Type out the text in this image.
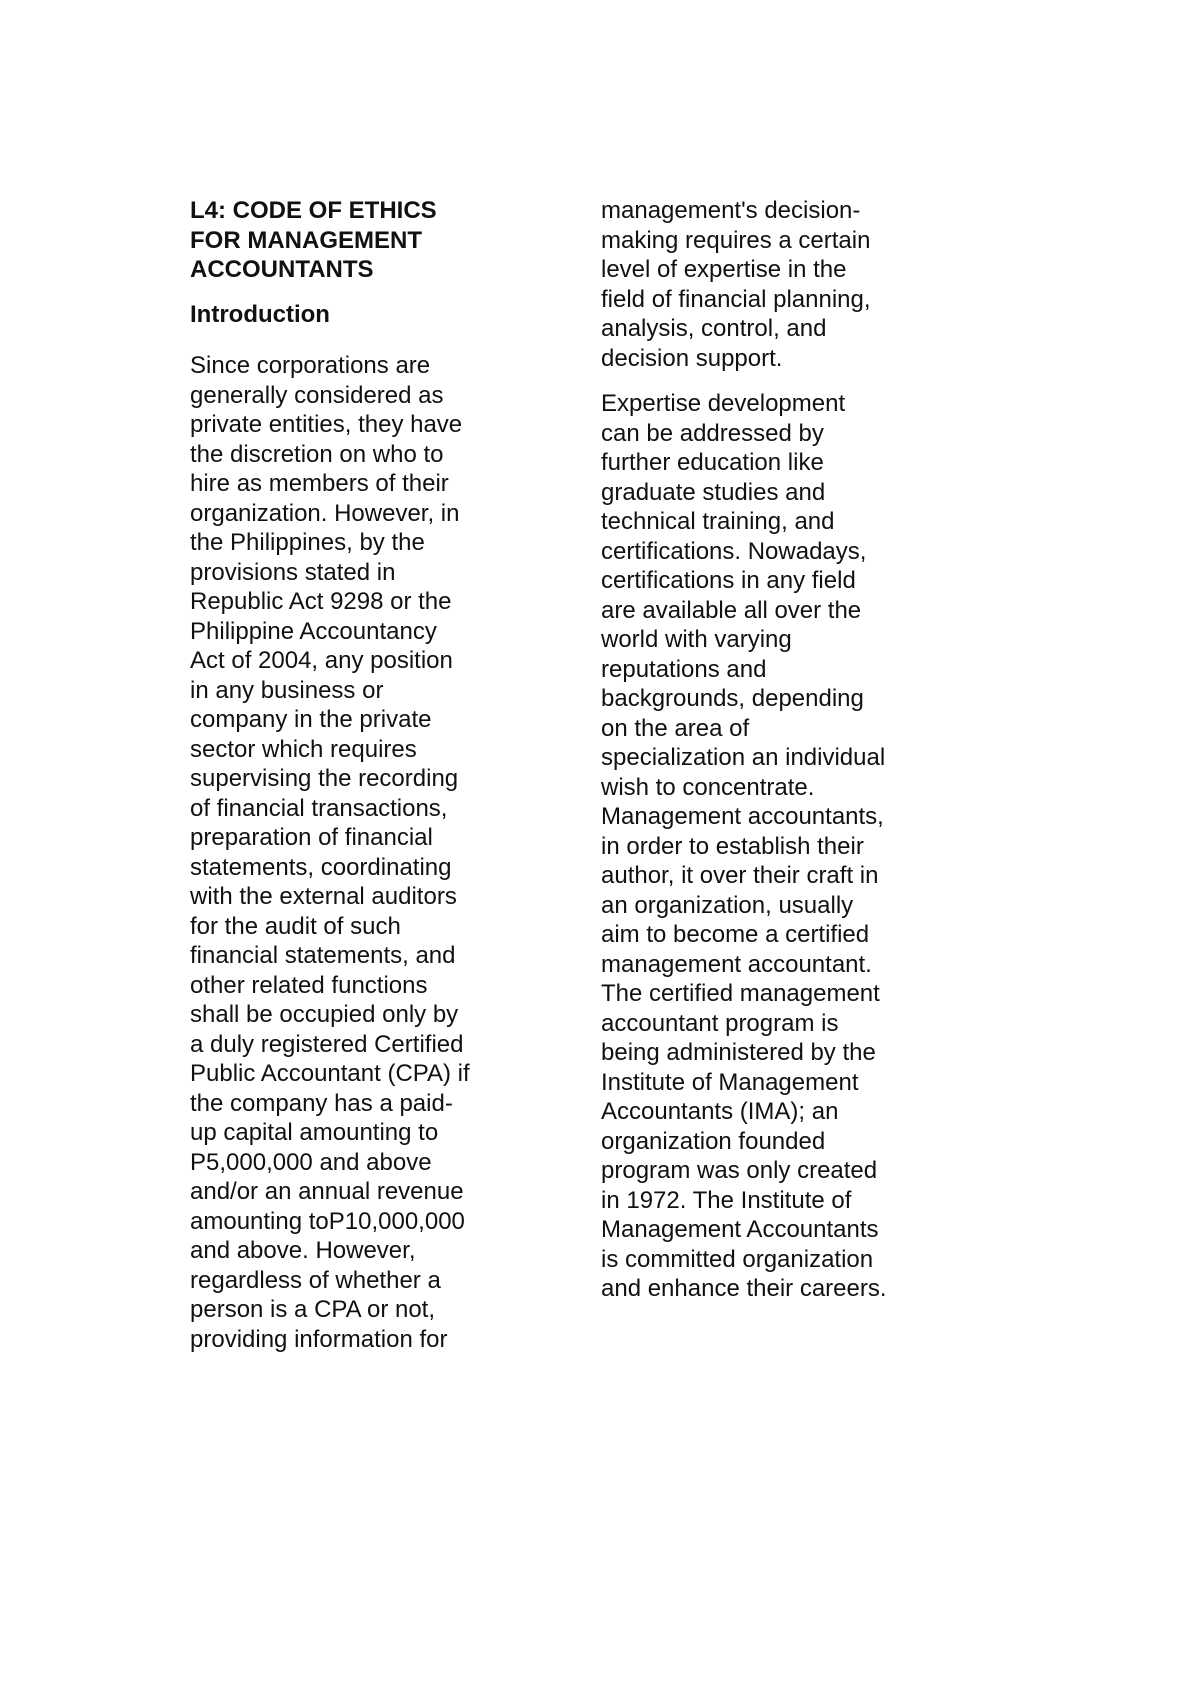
L4: CODE OF ETHICS
FOR MANAGEMENT
ACCOUNTANTS
Introduction
Since corporations are
generally considered as
private entities, they have
the discretion on who to
hire as members of their
organization. However, in
the Philippines, by the
provisions stated in
Republic Act 9298 or the
Philippine Accountancy
Act of 2004, any position
in any business or
company in the private
sector which requires
supervising the recording
of financial transactions,
preparation of financial
statements, coordinating
with the external auditors
for the audit of such
financial statements, and
other related functions
shall be occupied only by
a duly registered Certified
Public Accountant (CPA) if
the company has a paid-
up capital amounting to
P5,000,000 and above
and/or an annual revenue
amounting toP10,000,000
and above. However,
regardless of whether a
person is a CPA or not,
providing information for
management's decision-
making requires a certain
level of expertise in the
field of financial planning,
analysis, control, and
decision support.
Expertise development
can be addressed by
further education like
graduate studies and
technical training, and
certifications. Nowadays,
certifications in any field
are available all over the
world with varying
reputations and
backgrounds, depending
on the area of
specialization an individual
wish to concentrate.
Management accountants,
in order to establish their
author, it over their craft in
an organization, usually
aim to become a certified
management accountant.
The certified management
accountant program is
being administered by the
Institute of Management
Accountants (IMA); an
organization founded
program was only created
in 1972. The Institute of
Management Accountants
is committed organization
and enhance their careers.
